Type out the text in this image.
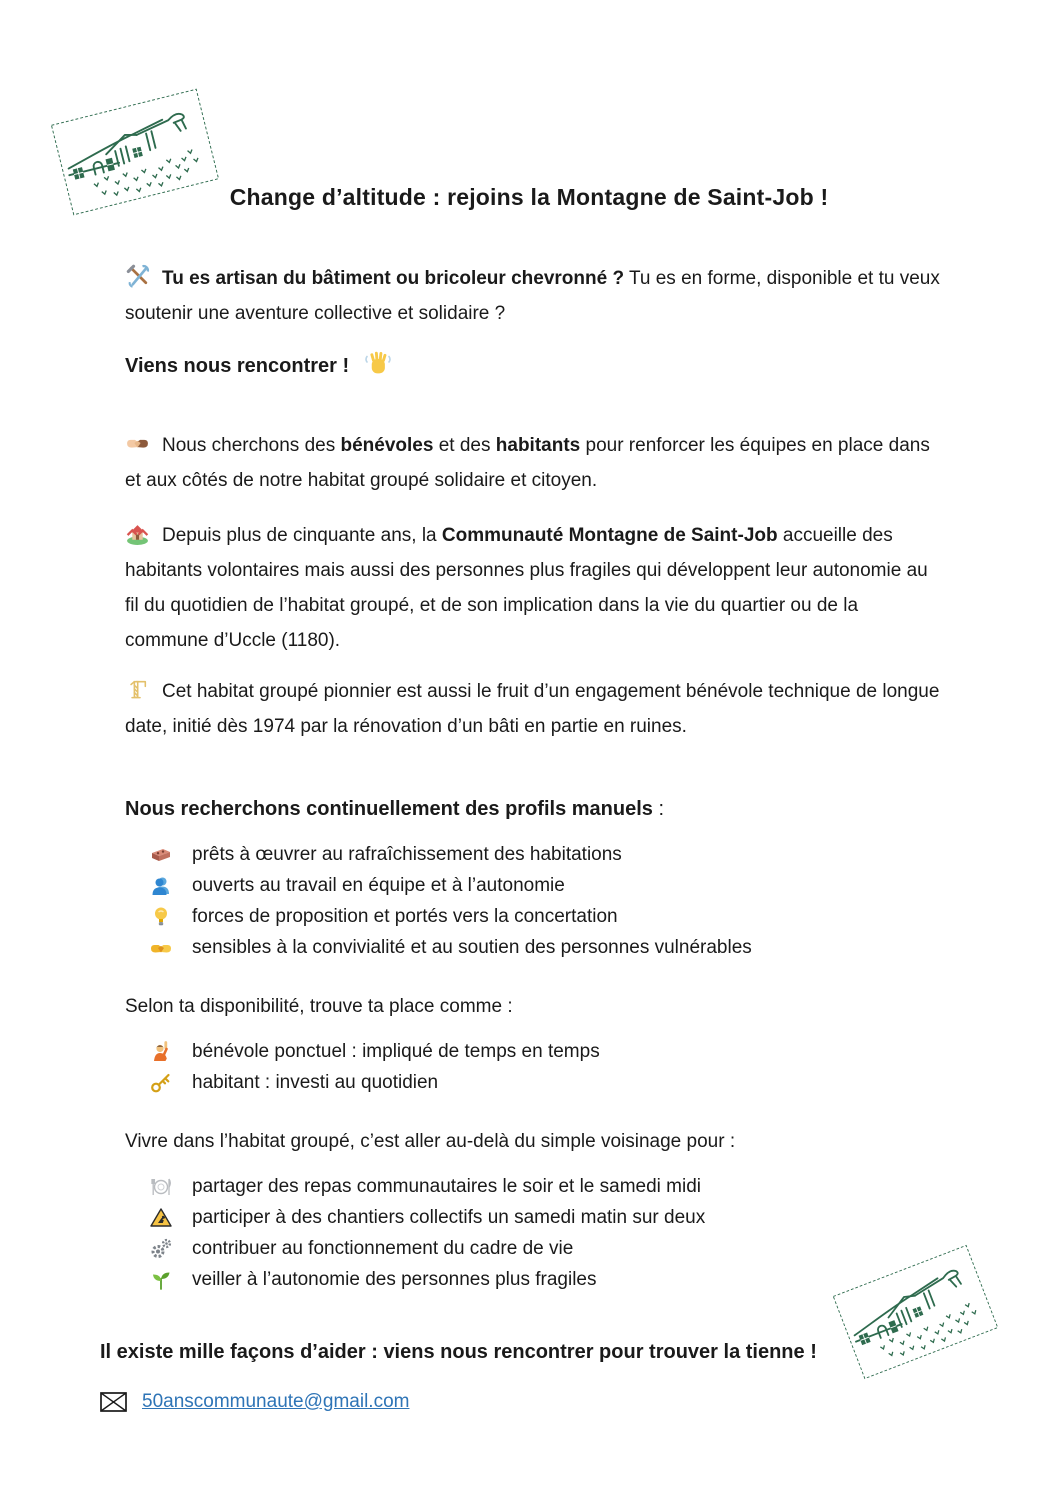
Change d’altitude : rejoins la Montagne de Saint-Job !

Tu es artisan du bâtiment ou bricoleur chevronné ? Tu es en forme, disponible et tu veux soutenir une aventure collective et solidaire ?

Viens nous rencontrer !

Nous cherchons des bénévoles et des habitants pour renforcer les équipes en place dans et aux côtés de notre habitat groupé solidaire et citoyen.

Depuis plus de cinquante ans, la Communauté Montagne de Saint-Job accueille des habitants volontaires mais aussi des personnes plus fragiles qui développent leur autonomie au fil du quotidien de l’habitat groupé, et de son implication dans la vie du quartier ou de la commune d’Uccle (1180).

Cet habitat groupé pionnier est aussi le fruit d’un engagement bénévole technique de longue date, initié dès 1974 par la rénovation d’un bâti en partie en ruines.

Nous recherchons continuellement des profils manuels :
prêts à œuvrer au rafraîchissement des habitations
ouverts au travail en équipe et à l’autonomie
forces de proposition et portés vers la concertation
sensibles à la convivialité et au soutien des personnes vulnérables

Selon ta disponibilité, trouve ta place comme :

bénévole ponctuel : impliqué de temps en temps
habitant : investi au quotidien

Vivre dans l’habitat groupé, c’est aller au-delà du simple voisinage pour :

partager des repas communautaires le soir et le samedi midi
participer à des chantiers collectifs un samedi matin sur deux
contribuer au fonctionnement du cadre de vie
veiller à l’autonomie des personnes plus fragiles
Il existe mille façons d’aider : viens nous rencontrer pour trouver la tienne !
50anscommunaute@gmail.com
